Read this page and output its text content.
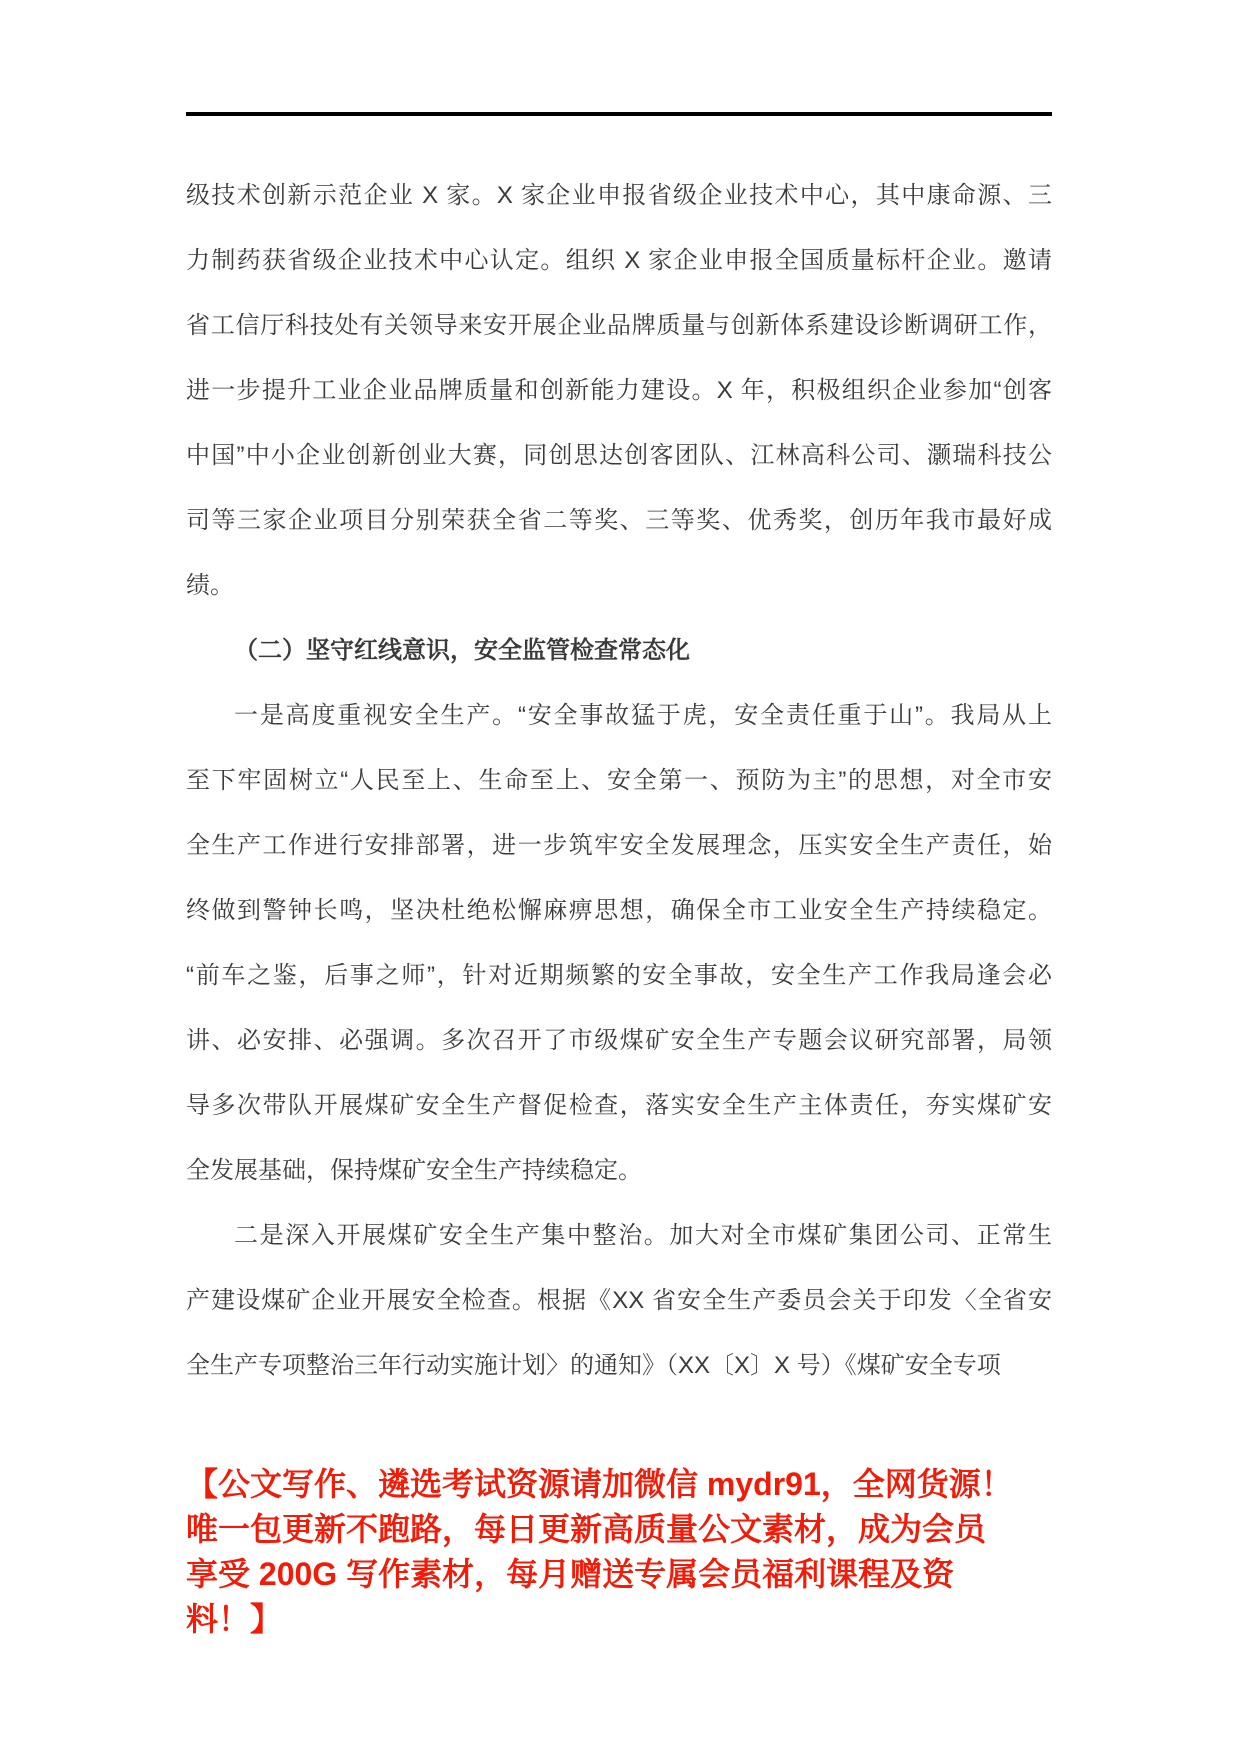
级技术创新示范企业 X 家。X 家企业申报省级企业技术中心，其中康命源、三
力制药获省级企业技术中心认定。组织 X 家企业申报全国质量标杆企业。邀请
省工信厅科技处有关领导来安开展企业品牌质量与创新体系建设诊断调研工作，
进一步提升工业企业品牌质量和创新能力建设。X 年，积极组织企业参加“创客
中国”中小企业创新创业大赛，同创思达创客团队、江林高科公司、灏瑞科技公
司等三家企业项目分别荣获全省二等奖、三等奖、优秀奖，创历年我市最好成
绩。
（二）坚守红线意识，安全监管检查常态化
一是高度重视安全生产。“安全事故猛于虎，安全责任重于山”。我局从上
至下牢固树立“人民至上、生命至上、安全第一、预防为主”的思想，对全市安
全生产工作进行安排部署，进一步筑牢安全发展理念，压实安全生产责任，始
终做到警钟长鸣，坚决杜绝松懈麻痹思想，确保全市工业安全生产持续稳定。
“前车之鉴，后事之师”，针对近期频繁的安全事故，安全生产工作我局逢会必
讲、必安排、必强调。多次召开了市级煤矿安全生产专题会议研究部署，局领
导多次带队开展煤矿安全生产督促检查，落实安全生产主体责任，夯实煤矿安
全发展基础，保持煤矿安全生产持续稳定。
二是深入开展煤矿安全生产集中整治。加大对全市煤矿集团公司、正常生
产建设煤矿企业开展安全检查。根据《XX 省安全生产委员会关于印发〈全省安
全生产专项整治三年行动实施计划〉的通知》（XX〔X〕X 号）《煤矿安全专项
【公文写作、遴选考试资源请加微信 mydr91，全网货源！
唯一包更新不跑路，每日更新高质量公文素材，成为会员
享受 200G 写作素材，每月赠送专属会员福利课程及资
料！】
